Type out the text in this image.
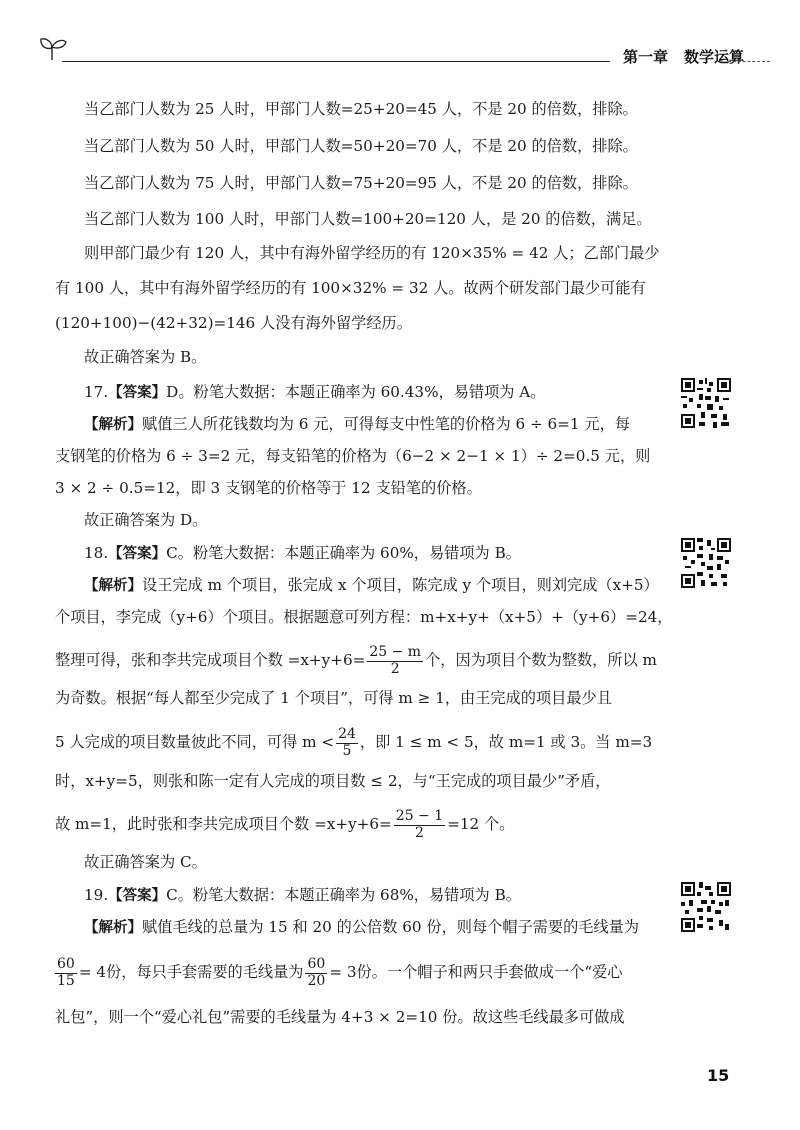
第一章 数学运算
当乙部门人数为 25 人时，甲部门人数=25+20=45 人，不是 20 的倍数，排除。
当乙部门人数为 50 人时，甲部门人数=50+20=70 人，不是 20 的倍数，排除。
当乙部门人数为 75 人时，甲部门人数=75+20=95 人，不是 20 的倍数，排除。
当乙部门人数为 100 人时，甲部门人数=100+20=120 人，是 20 的倍数，满足。
则甲部门最少有 120 人，其中有海外留学经历的有 120×35% = 42 人；乙部门最少
有 100 人，其中有海外留学经历的有 100×32% = 32 人。故两个研发部门最少可能有
(120+100)−(42+32)=146 人没有海外留学经历。
故正确答案为 B。
17.【答案】D。粉笔大数据：本题正确率为 60.43%，易错项为 A。
【解析】赋值三人所花钱数均为 6 元，可得每支中性笔的价格为 6 ÷ 6=1 元，每
支钢笔的价格为 6 ÷ 3=2 元，每支铅笔的价格为（6−2 × 2−1 × 1）÷ 2=0.5 元，则
3 × 2 ÷ 0.5=12，即 3 支钢笔的价格等于 12 支铅笔的价格。
故正确答案为 D。
18.【答案】C。粉笔大数据：本题正确率为 60%，易错项为 B。
【解析】设王完成 m 个项目，张完成 x 个项目，陈完成 y 个项目，则刘完成（x+5）
个项目，李完成（y+6）个项目。根据题意可列方程：m+x+y+（x+5）+（y+6）=24，
整理可得，张和李共完成项目个数 $=x+y+6= \frac{25 - m}{2}$ 个，因为项目个数为整数，所以 m
为奇数。根据“每人都至少完成了 1 个项目”，可得 m ≥ 1，由王完成的项目最少且
5 人完成的项目数量彼此不同，可得 $m < \frac{24}{5}$ ，即 1 ≤ m < 5，故 m=1 或 3。当 m=3
时，x+y=5，则张和陈一定有人完成的项目数 ≤ 2，与“王完成的项目最少”矛盾，
故 m=1，此时张和李共完成项目个数 $=x+y+6= \frac{25 - 1}{2} =12$ 个。
故正确答案为 C。
19.【答案】C。粉笔大数据：本题正确率为 68%，易错项为 B。
【解析】赋值毛线的总量为 15 和 20 的公倍数 60 份，则每个帽子需要的毛线量为
$\frac{60}{15} = 4$份，每只手套需要的毛线量为 $\frac{60}{20} = 3$份。一个帽子和两只手套做成一个“爱心
礼包”，则一个“爱心礼包”需要的毛线量为 4+3 × 2=10 份。故这些毛线最多可做成
15
